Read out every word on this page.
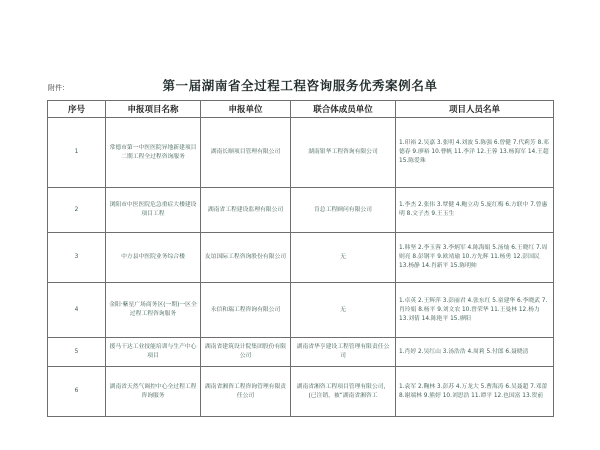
附件：	第一届湖南省全过程工程咨询服务优秀案例名单
序号	申报项目名称	申报单位	联合体成员单位	项目人员名单
1	常德市第一中医医院异地新建项目二期工程全过程咨询服务	湖南长顺项目管理有限公司	湖南银华工程咨询有限公司	1.印裕 2.吴嘉 3.张明 4.刘波 5.陈强 6.曾健 7.代莉芳 8.邓德春 9.廖裕 10.曹帆 11.李洋 12.王蓉 13.杨海军 14.王超 15.陈爱珠
2	浏阳市中医医院危急重症大楼建设项目工程	湖南省工程建设监理有限公司	肯总工程顾问有限公司	1.李杰 2.张伟 3.覃健 4.鲍立功 5.庞红梅 6.方联中 7.曾惠明 8.文子杰 9.王玉生
3	中方县中医院业务综合楼	友谊国际工程咨询股份有限公司	无	1.韩坚 2.李玉蓉 3.李炳军 4.陈海娟 5.汤灿 6.王晓红 7.周则亮 8.彭钢平 9.欧靖瑜 10.方先辉 11.杨勇 12.彭国民 13.杨静 14.肖新平 15.陈明帅
4	金阳·紫星广场商务区(一期)一区全过程工程咨询服务	永信和瑞工程咨询有限公司	无	1.卓英 2.王辉萍 3.彭丽君 4.张东红 5.童建华 6.李晓武 7.肖玲娟 8.杨平 9.刘文农 10.曾荣华 11.王曼林 12.杨力 13.刘倩 14.陈艳平 15.廖阳
5	援马干达工业技能培训与生产中心项目	湖南省建筑设计院集团股份有限公司	湖南省华亨建设工程管理有限责任公司	1.肖婷 2.吴红山 3.汤浩浩 4.周莉 5.付郎 6.聂晓清
6	湖南省天然气调控中心全过程工程咨询服务	湖南省湘咨工程咨询管理有限责任公司	湖南省湘咨工程项目管理有限公司，(已注销，被“湖南省湘咨工	1.袁军 2.鞠林 3.彭苏 4.万龙大 5.曹海涛 6.吴聂超 7.邓蕾 8.谢端林 9.熊婷 10.刘思浩 11.谭平 12.也国富 13.贺前
